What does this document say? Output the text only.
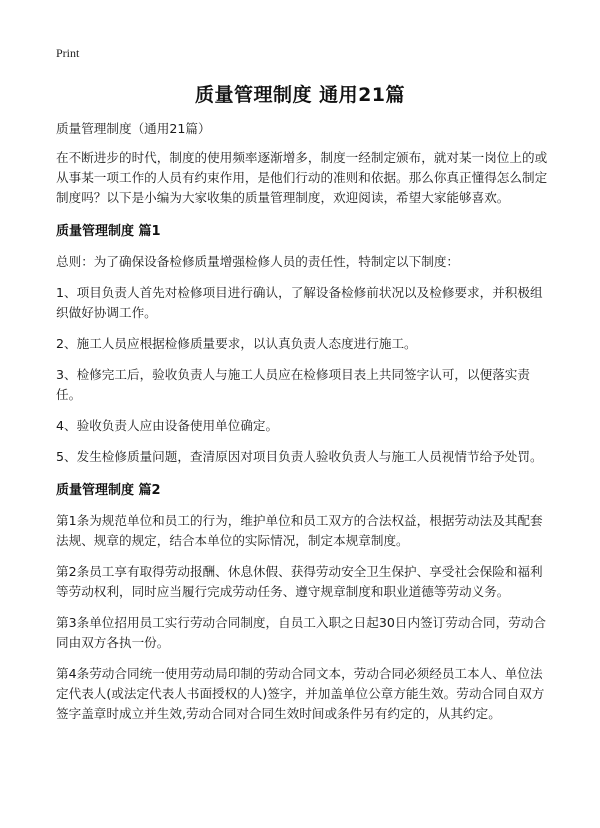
Print
质量管理制度 通用21篇

质量管理制度（通用21篇）

在不断进步的时代，制度的使用频率逐渐增多，制度一经制定颁布，就对某一岗位上的或从事某一项工作的人员有约束作用，是他们行动的准则和依据。那么你真正懂得怎么制定制度吗？以下是小编为大家收集的质量管理制度，欢迎阅读，希望大家能够喜欢。

质量管理制度 篇1

总则：为了确保设备检修质量增强检修人员的责任性，特制定以下制度：

1、项目负责人首先对检修项目进行确认，了解设备检修前状况以及检修要求，并积极组织做好协调工作。

2、施工人员应根据检修质量要求，以认真负责人态度进行施工。

3、检修完工后，验收负责人与施工人员应在检修项目表上共同签字认可，以便落实责任。

4、验收负责人应由设备使用单位确定。

5、发生检修质量问题，查清原因对项目负责人验收负责人与施工人员视情节给予处罚。

质量管理制度 篇2

第1条为规范单位和员工的行为，维护单位和员工双方的合法权益，根据劳动法及其配套法规、规章的规定，结合本单位的实际情况，制定本规章制度。

第2条员工享有取得劳动报酬、休息休假、获得劳动安全卫生保护、享受社会保险和福利等劳动权利，同时应当履行完成劳动任务、遵守规章制度和职业道德等劳动义务。

第3条单位招用员工实行劳动合同制度，自员工入职之日起30日内签订劳动合同，劳动合同由双方各执一份。

第4条劳动合同统一使用劳动局印制的劳动合同文本，劳动合同必须经员工本人、单位法定代表人(或法定代表人书面授权的人)签字，并加盖单位公章方能生效。劳动合同自双方签字盖章时成立并生效,劳动合同对合同生效时间或条件另有约定的，从其约定。
